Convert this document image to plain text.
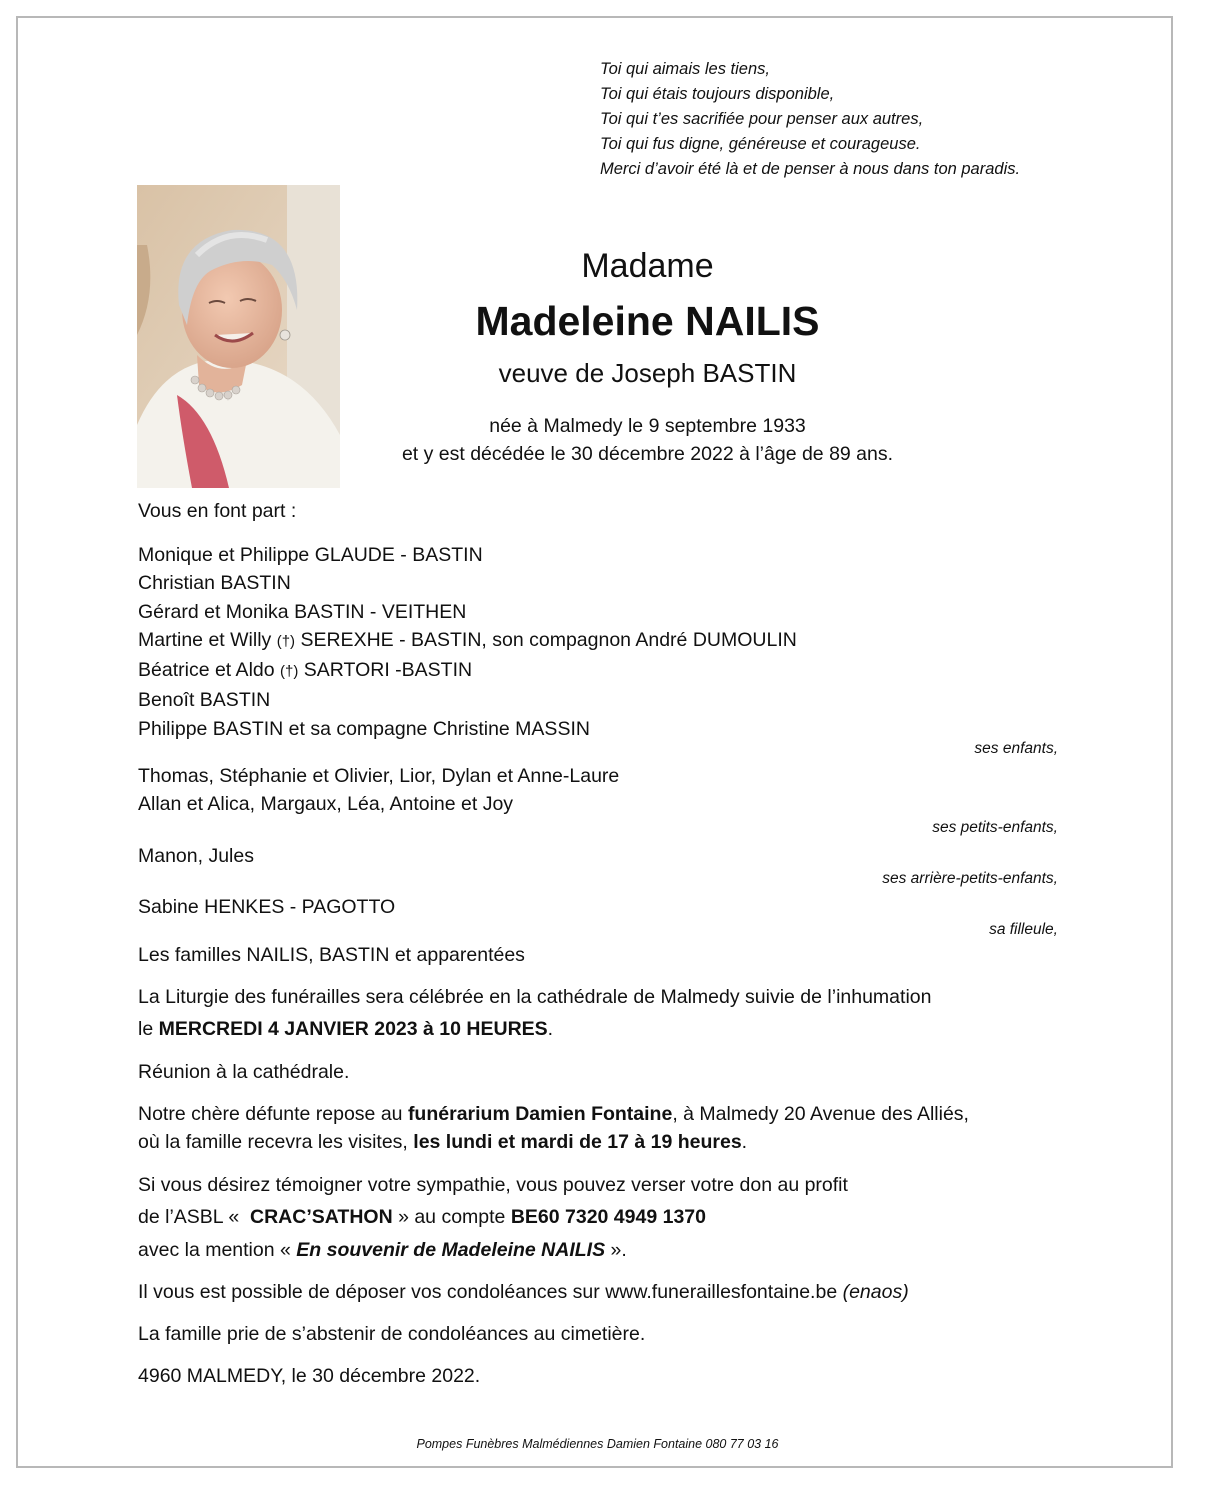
Toi qui aimais les tiens,
Toi qui étais toujours disponible,
Toi qui t’es sacrifiée pour penser aux autres,
Toi qui fus digne, généreuse et courageuse.
Merci d’avoir été là et de penser à nous dans ton paradis.
Madame
Madeleine NAILIS
veuve de Joseph BASTIN
née à Malmedy le 9 septembre 1933
et y est décédée le 30 décembre 2022 à l’âge de 89 ans.
Vous en font part :
Monique et Philippe GLAUDE - BASTIN
Christian BASTIN
Gérard et Monika BASTIN - VEITHEN
Martine et Willy (†) SEREXHE - BASTIN, son compagnon André DUMOULIN
Béatrice et Aldo (†) SARTORI -BASTIN
Benoît BASTIN
Philippe BASTIN et sa compagne Christine MASSIN
ses enfants,
Thomas, Stéphanie et Olivier, Lior, Dylan et Anne-Laure
Allan et Alica, Margaux, Léa, Antoine et Joy
ses petits-enfants,
Manon, Jules
ses arrière-petits-enfants,
Sabine HENKES - PAGOTTO
sa filleule,
Les familles NAILIS, BASTIN et apparentées
La Liturgie des funérailles sera célébrée en la cathédrale de Malmedy suivie de l’inhumation
le MERCREDI 4 JANVIER 2023 à 10 HEURES.
Réunion à la cathédrale.
Notre chère défunte repose au funérarium Damien Fontaine, à Malmedy 20 Avenue des Alliés,
où la famille recevra les visites, les lundi et mardi de 17 à 19 heures.
Si vous désirez témoigner votre sympathie, vous pouvez verser votre don au profit
de l’ASBL «  CRAC’SATHON » au compte BE60 7320 4949 1370
avec la mention « En souvenir de Madeleine NAILIS ».
Il vous est possible de déposer vos condoléances sur www.funeraillesfontaine.be (enaos)
La famille prie de s’abstenir de condoléances au cimetière.
4960 MALMEDY, le 30 décembre 2022.
Pompes Funèbres Malmédiennes Damien Fontaine 080 77 03 16
